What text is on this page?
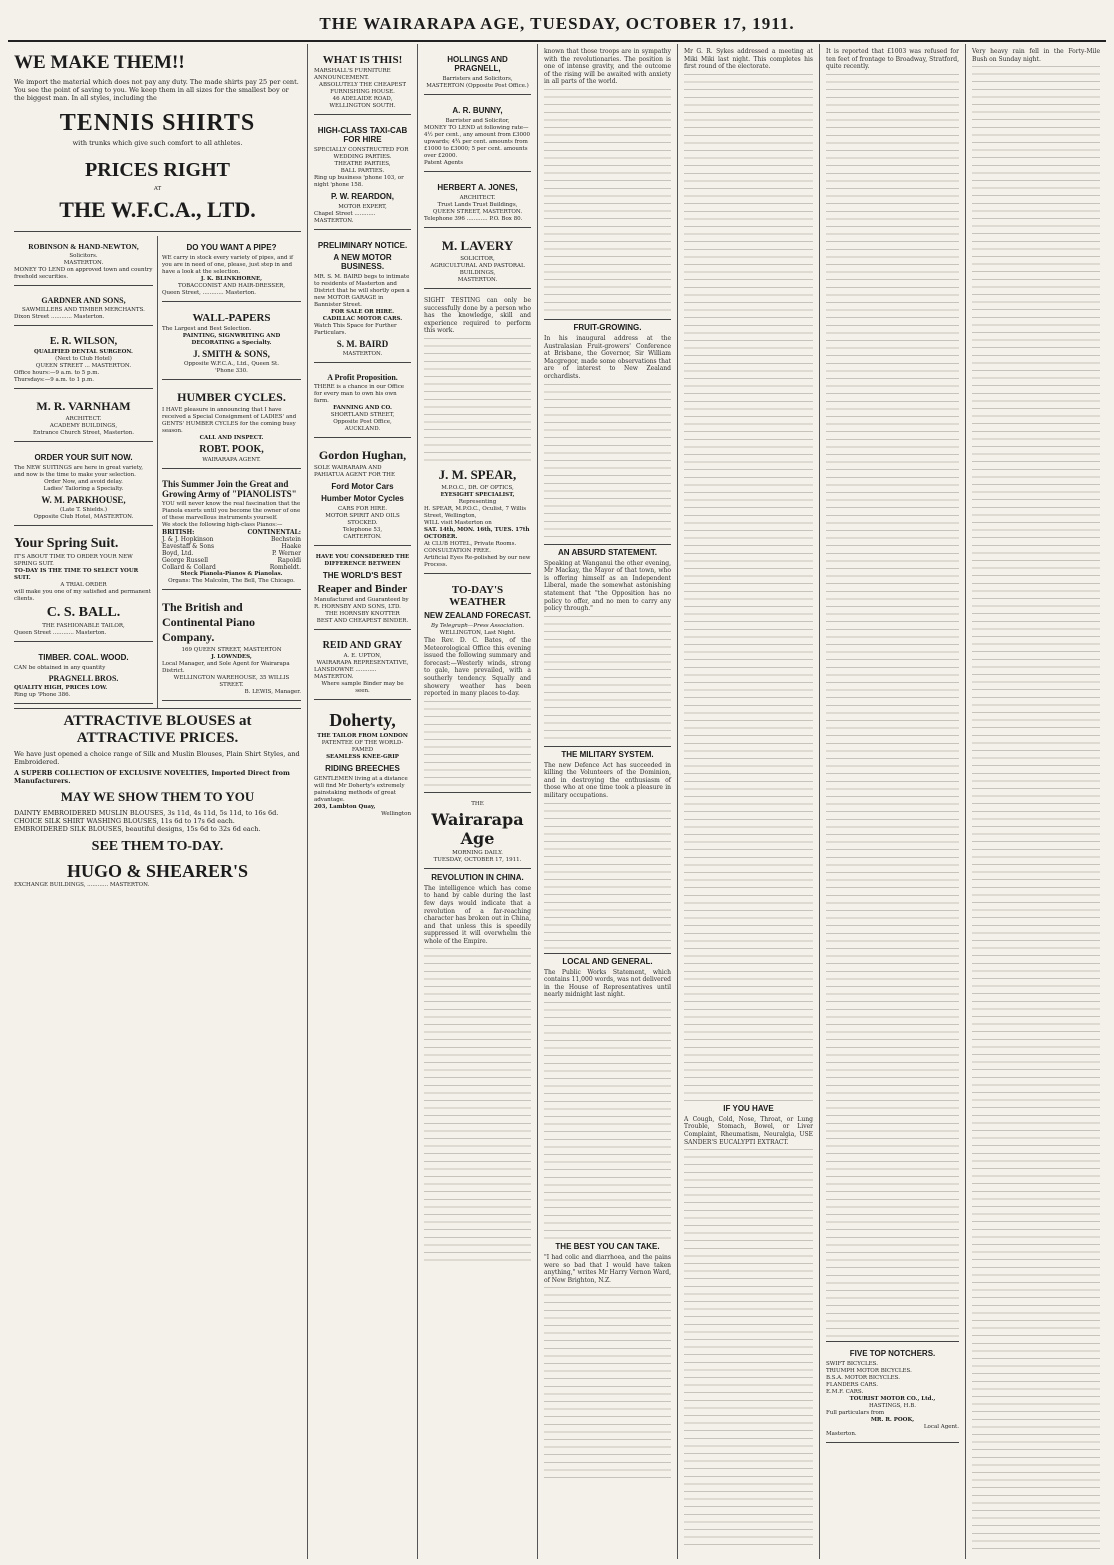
THE WAIRARAPA AGE, TUESDAY, OCTOBER 17, 1911.
WE MAKE THEM!!
We import the material which does not pay any duty. The made shirts pay 25 per cent. You see the point of saving to you. We keep them in all sizes for the smallest boy or the biggest man. In all styles, including the
TENNIS SHIRTS
with trunks which give such comfort to all athletes.
PRICES RIGHT
AT
THE W.F.C.A., LTD.
ROBINSON & HAND-NEWTON,
Solicitors.
MASTERTON.
MONEY TO LEND on approved town and country freehold securities.
GARDNER AND SONS,
SAWMILLERS AND TIMBER MERCHANTS.
Dixon Street ............ Masterton.
E. R. WILSON,
QUALIFIED DENTAL SURGEON.
(Next to Club Hotel)
QUEEN STREET ... MASTERTON.
Office hours:—9 a.m. to 5 p.m.
Thursdays:—9 a.m. to 1 p.m.
M. R. VARNHAM
ARCHITECT.
ACADEMY BUILDINGS,
Entrance Church Street, Masterton.
ORDER YOUR SUIT NOW.
The NEW SUITINGS are here in great variety, and now is the time to make your selection.
Order Now, and avoid delay.
Ladies' Tailoring a Specialty.
W. M. PARKHOUSE,
(Late T. Shields.)
Opposite Club Hotel, MASTERTON.
Your Spring Suit.
IT'S ABOUT TIME TO ORDER YOUR NEW SPRING SUIT.
TO-DAY IS THE TIME TO SELECT YOUR SUIT.
A TRIAL ORDER
will make you one of my satisfied and permanent clients.
C. S. BALL.
THE FASHIONABLE TAILOR,
Queen Street ............ Masterton.
TIMBER. COAL. WOOD.
CAN be obtained in any quantity
PRAGNELL BROS.
QUALITY HIGH, PRICES LOW.
Ring up 'Phone 386.
DO YOU WANT A PIPE?
WE carry in stock every variety of pipes, and if you are in need of one, please, just step in and have a look at the selection.
J. K. BLINKHORNE,
TOBACCONIST AND HAIR-DRESSER,
Queen Street, ............ Masterton.
WALL-PAPERS
The Largest and Best Selection.
PAINTING, SIGNWRITING AND DECORATING a Specialty.
J. SMITH & SONS,
Opposite W.F.C.A., Ltd., Queen St.
'Phone 330.
HUMBER CYCLES.
I HAVE pleasure in announcing that I have received a Special Consignment of LADIES' and GENTS' HUMBER CYCLES for the coming busy season.
CALL AND INSPECT.
ROBT. POOK,
WAIRARAPA AGENT.
This Summer Join the Great and Growing Army of "PIANOLISTS"
YOU will never know the real fascination that the Pianola exerts until you become the owner of one of these marvellous instruments yourself.
We stock the following high-class Pianos:—
BRITISH:	CONTINENTAL:
J. & J. Hopkinson	Bechstein
Eavestaff & Sons	Haake
Boyd, Ltd.	P. Werner
George Russell	Rapoldi
Collard & Collard	Romheldt.
Steck Pianola-Pianos & Pianolas.
Organs: The Malcolm, The Bell, The Chicago.
The British and Continental Piano Company.
169 QUEEN STREET, MASTERTON
J. LOWNDES,
Local Manager, and Sole Agent for Wairarapa District.
WELLINGTON WAREHOUSE, 35 WILLIS STREET.
B. LEWIS, Manager.
ATTRACTIVE BLOUSES at ATTRACTIVE PRICES.
We have just opened a choice range of Silk and Muslin Blouses, Plain Shirt Styles, and Embroidered.
A SUPERB COLLECTION OF EXCLUSIVE NOVELTIES, Imported Direct from Manufacturers.
MAY WE SHOW THEM TO YOU
DAINTY EMBROIDERED MUSLIN BLOUSES, 3s 11d, 4s 11d, 5s 11d, to 16s 6d.
CHOICE SILK SHIRT WASHING BLOUSES, 11s 6d to 17s 6d each.
EMBROIDERED SILK BLOUSES, beautiful designs, 15s 6d to 32s 6d each.
SEE THEM TO-DAY.
HUGO & SHEARER'S
EXCHANGE BUILDINGS, ............ MASTERTON.
WHAT IS THIS!
MARSHALL'S FURNITURE ANNOUNCEMENT.
ABSOLUTELY THE CHEAPEST FURNISHING HOUSE.
46 ADELAIDE ROAD, WELLINGTON SOUTH.
HIGH-CLASS TAXI-CAB FOR HIRE
SPECIALLY CONSTRUCTED FOR
WEDDING PARTIES.
THEATRE PARTIES,
BALL PARTIES.
Ring up business 'phone 103, or night 'phone 158.
P. W. REARDON,
MOTOR EXPERT,
Chapel Street ............ MASTERTON.
PRELIMINARY NOTICE.
A NEW MOTOR BUSINESS.
MR. S. M. BAIRD begs to intimate to residents of Masterton and District that he will shortly open a new MOTOR GARAGE in Bannister Street.
FOR SALE OR HIRE.
CADILLAC MOTOR CARS.
Watch This Space for Further Particulars.
S. M. BAIRD
MASTERTON.
A Profit Proposition.
THERE is a chance in our Office for every man to own his own farm.
FANNING AND CO.
SHORTLAND STREET,
Opposite Post Office,
AUCKLAND.
Gordon Hughan,
SOLE WAIRARAPA AND PAHIATUA AGENT FOR THE
Ford Motor Cars
Humber Motor Cycles
CARS FOR HIRE.
MOTOR SPIRIT AND OILS STOCKED.
Telephone 53,
CARTERTON.
HAVE YOU CONSIDERED THE DIFFERENCE BETWEEN
THE WORLD'S BEST
Reaper and Binder
Manufactured and Guaranteed by R. HORNSBY AND SONS, LTD.
THE HORNSBY KNOTTER
BEST AND CHEAPEST BINDER.
REID AND GRAY
A. E. UPTON,
WAIRARAPA REPRESENTATIVE,
LANSDOWNE ............ MASTERTON.
Where sample Binder may be seen.
Doherty,
THE TAILOR FROM LONDON
PATENTEE OF THE WORLD-FAMED
SEAMLESS KNEE-GRIP
RIDING BREECHES
GENTLEMEN living at a distance will find Mr Doherty's extremely painstaking methods of great advantage.
203, Lambton Quay,
Wellington
HOLLINGS AND PRAGNELL,
Barristers and Solicitors,
MASTERTON (Opposite Post Office.)
A. R. BUNNY,
Barrister and Solicitor,
MONEY TO LEND at following rate—4½ per cent., any amount from £3000 upwards; 4¾ per cent. amounts from £1000 to £3000; 5 per cent. amounts over £2000.
Patent Agents
HERBERT A. JONES,
ARCHITECT.
Trust Lands Trust Buildings,
QUEEN STREET, MASTERTON.
Telephone 396 ............ P.O. Box 80.
M. LAVERY
SOLICITOR,
AGRICULTURAL AND PASTORAL BUILDINGS,
MASTERTON.
SIGHT TESTING can only be successfully done by a person who has the knowledge, skill and experience required to perform this work.
J. M. SPEAR,
M.P.O.C., DR. OF OPTICS,
EYESIGHT SPECIALIST,
Representing
H. SPEAR, M.P.O.C., Oculist, 7 Willis Street, Wellington,
WILL visit Masterton on
SAT. 14th, MON. 16th, TUES. 17th OCTOBER.
At CLUB HOTEL, Private Rooms.
CONSULTATION FREE.
Artificial Eyes Re-polished by our new Process.
TO-DAY'S WEATHER
NEW ZEALAND FORECAST.
By Telegraph—Press Association.
WELLINGTON, Last Night.
The Rev. D. C. Bates, of the Meteorological Office this evening issued the following summary and forecast:—Westerly winds, strong to gale, have prevailed, with a southerly tendency. Squally and showery weather has been reported in many places to-day.
THE
Wairarapa Age
MORNING DAILY.
TUESDAY, OCTOBER 17, 1911.
REVOLUTION IN CHINA.
The intelligence which has come to hand by cable during the last few days would indicate that a revolution of a far-reaching character has broken out in China, and that unless this is speedily suppressed it will overwhelm the whole of the Empire.
known that those troops are in sympathy with the revolutionaries. The position is one of intense gravity, and the outcome of the rising will be awaited with anxiety in all parts of the world.
FRUIT-GROWING.
In his inaugural address at the Australasian Fruit-growers' Conference at Brisbane, the Governor, Sir William Macgregor, made some observations that are of interest to New Zealand orchardists.
AN ABSURD STATEMENT.
Speaking at Wanganui the other evening, Mr Mackay, the Mayor of that town, who is offering himself as an Independent Liberal, made the somewhat astonishing statement that "the Opposition has no policy to offer, and no men to carry any policy through."
THE MILITARY SYSTEM.
The new Defence Act has succeeded in killing the Volunteers of the Dominion, and in destroying the enthusiasm of those who at one time took a pleasure in military occupations.
LOCAL AND GENERAL.
The Public Works Statement, which contains 11,000 words, was not delivered in the House of Representatives until nearly midnight last night.
THE BEST YOU CAN TAKE.
"I had colic and diarrhoea, and the pains were so bad that I would have taken anything," writes Mr Harry Vernon Ward, of New Brighton, N.Z.
Mr G. R. Sykes addressed a meeting at Miki Miki last night. This completes his first round of the electorate.
IF YOU HAVE
A Cough, Cold, Nose, Throat, or Lung Trouble, Stomach, Bowel, or Liver Complaint, Rheumatism, Neuralgia, USE SANDER'S EUCALYPTI EXTRACT.
It is reported that £1003 was refused for ten feet of frontage to Broadway, Stratford, quite recently.
FIVE TOP NOTCHERS.
SWIFT BICYCLES.
TRIUMPH MOTOR BICYCLES.
B.S.A. MOTOR BICYCLES.
FLANDERS CARS.
E.M.F. CARS.
TOURIST MOTOR CO., Ltd.,
HASTINGS, H.B.
Full particulars from
MR. R. POOK,
Local Agent.
Masterton.
Very heavy rain fell in the Forty-Mile Bush on Sunday night.
